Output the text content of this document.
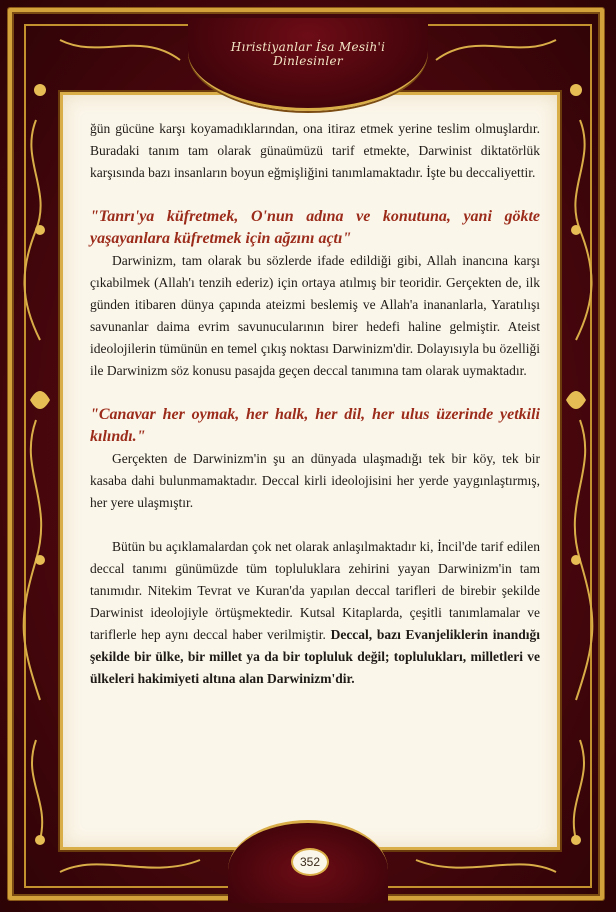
Hıristiyanlar İsa Mesih'i
Dinlesinler

ğün gücüne karşı koyamadıklarından, ona itiraz etmek yerine teslim olmuşlardır. Buradaki tanım tam olarak günaümüzü tarif etmekte, Darwinist diktatörlük karşısında bazı insanların boyun eğmişliğini tanımlamaktadır. İşte bu deccaliyettir.

"Tanrı'ya küfretmek, O'nun adına ve konutuna, yani gökte yaşayanlara küfretmek için ağzını açtı"

Darwinizm, tam olarak bu sözlerde ifade edildiği gibi, Allah inancına karşı çıkabilmek (Allah'ı tenzih ederiz) için ortaya atılmış bir teoridir. Gerçekten de, ilk günden itibaren dünya çapında ateizmi beslemiş ve Allah'a inananlarla, Yaratılışı savunanlar daima evrim savunucularının birer hedefi haline gelmiştir. Ateist ideolojilerin tümünün en temel çıkış noktası Darwinizm'dir. Dolayısıyla bu özelliği ile Darwinizm söz konusu pasajda geçen deccal tanımına tam olarak uymaktadır.

"Canavar her oymak, her halk, her dil, her ulus üzerinde yetkili kılındı."

Gerçekten de Darwinizm'in şu an dünyada ulaşmadığı tek bir köy, tek bir kasaba dahi bulunmamaktadır. Deccal kirli ideolojisini her yerde yaygınlaştırmış, her yere ulaşmıştır.

Bütün bu açıklamalardan çok net olarak anlaşılmaktadır ki, İncil'de tarif edilen deccal tanımı günümüzde tüm topluluklara zehirini yayan Darwinizm'in tam tanımıdır. Nitekim Tevrat ve Kuran'da yapılan deccal tarifleri de birebir şekilde Darwinist ideolojiyle örtüşmektedir. Kutsal Kitaplarda, çeşitli tanımlamalar ve tariflerle hep aynı deccal haber verilmiştir. Deccal, bazı Evanjeliklerin inandığı şekilde bir ülke, bir millet ya da bir topluluk değil; toplulukları, milletleri ve ülkeleri hakimiyeti altına alan Darwinizm'dir.

352
